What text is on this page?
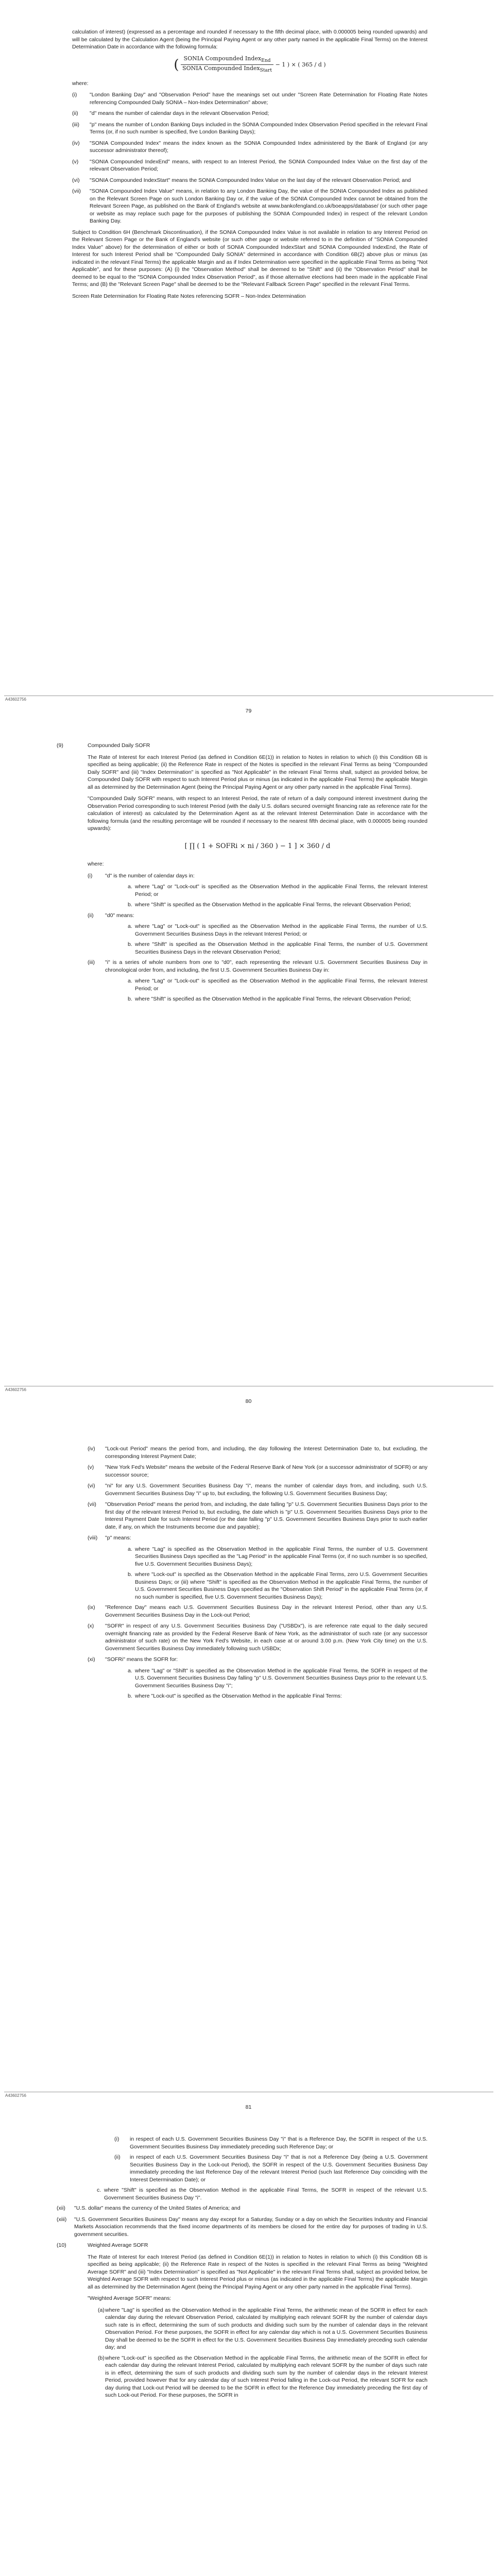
calculation of interest) (expressed as a percentage and rounded if necessary to the fifth decimal place, with 0.000005 being rounded upwards) and will be calculated by the Calculation Agent (being the Principal Paying Agent or any other party named in the applicable Final Terms) on the Interest Determination Date in accordance with the following formula:

( $\frac{SONIA Compounded Index_{End}}{SONIA Compounded Index_{Start}} - 1$ ) × ( 365 / d )

where:

(i)	"London Banking Day" and "Observation Period" have the meanings set out under "Screen Rate Determination for Floating Rate Notes referencing Compounded Daily SONIA – Non-Index Determination" above;
(ii)	"d" means the number of calendar days in the relevant Observation Period;
(iii)	"p" means the number of London Banking Days included in the SONIA Compounded Index Observation Period specified in the relevant Final Terms (or, if no such number is specified, five London Banking Days);
(iv)	"SONIA Compounded Index" means the index known as the SONIA Compounded Index administered by the Bank of England (or any successor administrator thereof);
(v)	"SONIA Compounded IndexEnd" means, with respect to an Interest Period, the SONIA Compounded Index Value on the first day of the relevant Observation Period;
(vi)	"SONIA Compounded IndexStart" means the SONIA Compounded Index Value on the last day of the relevant Observation Period; and
(vii)	"SONIA Compounded Index Value" means, in relation to any London Banking Day, the value of the SONIA Compounded Index as published on the Relevant Screen Page on such London Banking Day or, if the value of the SONIA Compounded Index cannot be obtained from the Relevant Screen Page, as published on the Bank of England's website at www.bankofengland.co.uk/boeapps/database/ (or such other page or website as may replace such page for the purposes of publishing the SONIA Compounded Index) in respect of the relevant London Banking Day.

Subject to Condition 6H (Benchmark Discontinuation), if the SONIA Compounded Index Value is not available in relation to any Interest Period on the Relevant Screen Page or the Bank of England's website (or such other page or website referred to in the definition of "SONIA Compounded Index Value" above) for the determination of either or both of SONIA Compounded IndexStart and SONIA Compounded IndexEnd, the Rate of Interest for such Interest Period shall be "Compounded Daily SONIA" determined in accordance with Condition 6B(2) above plus or minus (as indicated in the relevant Final Terms) the applicable Margin and as if Index Determination were specified in the applicable Final Terms as being "Not Applicable", and for these purposes: (A) (i) the "Observation Method" shall be deemed to be "Shift" and (ii) the "Observation Period" shall be deemed to be equal to the "SONIA Compounded Index Observation Period", as if those alternative elections had been made in the applicable Final Terms; and (B) the "Relevant Screen Page" shall be deemed to be the "Relevant Fallback Screen Page" specified in the relevant Final Terms.

Screen Rate Determination for Floating Rate Notes referencing SOFR – Non-Index Determination

A43602756
79
(9)	Compounded Daily SOFR

The Rate of Interest for each Interest Period (as defined in Condition 6E(1)) in relation to Notes in relation to which (i) this Condition 6B is specified as being applicable; (ii) the Reference Rate in respect of the Notes is specified in the relevant Final Terms as being "Compounded Daily SOFR" and (iii) "Index Determination" is specified as "Not Applicable" in the relevant Final Terms shall, subject as provided below, be Compounded Daily SOFR with respect to such Interest Period plus or minus (as indicated in the applicable Final Terms) the applicable Margin all as determined by the Determination Agent (being the Principal Paying Agent or any other party named in the applicable Final Terms).

"Compounded Daily SOFR" means, with respect to an Interest Period, the rate of return of a daily compound interest investment during the Observation Period corresponding to such Interest Period (with the daily U.S. dollars secured overnight financing rate as reference rate for the calculation of interest) as calculated by the Determination Agent as at the relevant Interest Determination Date in accordance with the following formula (and the resulting percentage will be rounded if necessary to the nearest fifth decimal place, with 0.000005 being rounded upwards):

[ ∏ ( 1 + SOFRi × ni / 360 ) − 1 ] × 360 / d

where:

(i)	"d" is the number of calendar days in:
a. where "Lag" or "Lock-out" is specified as the Observation Method in the applicable Final Terms, the relevant Interest Period; or
b. where "Shift" is specified as the Observation Method in the applicable Final Terms, the relevant Observation Period;
(ii)	"d0" means:
a. where "Lag" or "Lock-out" is specified as the Observation Method in the applicable Final Terms, the number of U.S. Government Securities Business Days in the relevant Interest Period; or
b. where "Shift" is specified as the Observation Method in the applicable Final Terms, the number of U.S. Government Securities Business Days in the relevant Observation Period;
(iii)	"i" is a series of whole numbers from one to "d0", each representing the relevant U.S. Government Securities Business Day in chronological order from, and including, the first U.S. Government Securities Business Day in:
a. where "Lag" or "Lock-out" is specified as the Observation Method in the applicable Final Terms, the relevant Interest Period; or
b. where "Shift" is specified as the Observation Method in the applicable Final Terms, the relevant Observation Period;
A43602756
80
(iv)	"Lock-out Period" means the period from, and including, the day following the Interest Determination Date to, but excluding, the corresponding Interest Payment Date;
(v)	"New York Fed's Website" means the website of the Federal Reserve Bank of New York (or a successor administrator of SOFR) or any successor source;
(vi)	"ni" for any U.S. Government Securities Business Day "i", means the number of calendar days from, and including, such U.S. Government Securities Business Day "i" up to, but excluding, the following U.S. Government Securities Business Day;
(vii)	"Observation Period" means the period from, and including, the date falling "p" U.S. Government Securities Business Days prior to the first day of the relevant Interest Period to, but excluding, the date which is "p" U.S. Government Securities Business Days prior to the Interest Payment Date for such Interest Period (or the date falling "p" U.S. Government Securities Business Days prior to such earlier date, if any, on which the Instruments become due and payable);
(viii)	"p" means:
a. where "Lag" is specified as the Observation Method in the applicable Final Terms, the number of U.S. Government Securities Business Days specified as the "Lag Period" in the applicable Final Terms (or, if no such number is so specified, five U.S. Government Securities Business Days);
b. where "Lock-out" is specified as the Observation Method in the applicable Final Terms, zero U.S. Government Securities Business Days; or (iii) where "Shift" is specified as the Observation Method in the applicable Final Terms, the number of U.S. Government Securities Business Days specified as the "Observation Shift Period" in the applicable Final Terms (or, if no such number is specified, five U.S. Government Securities Business Days);
(ix)	"Reference Day" means each U.S. Government Securities Business Day in the relevant Interest Period, other than any U.S. Government Securities Business Day in the Lock-out Period;
(x)	"SOFR" in respect of any U.S. Government Securities Business Day ("USBDx"), is are reference rate equal to the daily secured overnight financing rate as provided by the Federal Reserve Bank of New York, as the administrator of such rate (or any successor administrator of such rate) on the New York Fed's Website, in each case at or around 3.00 p.m. (New York City time) on the U.S. Government Securities Business Day immediately following such USBDx;
(xi)	"SOFRi" means the SOFR for:
a. where "Lag" or "Shift" is specified as the Observation Method in the applicable Final Terms, the SOFR in respect of the U.S. Government Securities Business Day falling "p" U.S. Government Securities Business Days prior to the relevant U.S. Government Securities Business Day "i";
b. where "Lock-out" is specified as the Observation Method in the applicable Final Terms:
A43602756
81
(i)	in respect of each U.S. Government Securities Business Day "i" that is a Reference Day, the SOFR in respect of the U.S. Government Securities Business Day immediately preceding such Reference Day; or
(ii)	in respect of each U.S. Government Securities Business Day "i" that is not a Reference Day (being a U.S. Government Securities Business Day in the Lock-out Period), the SOFR in respect of the U.S. Government Securities Business Day immediately preceding the last Reference Day of the relevant Interest Period (such last Reference Day coinciding with the Interest Determination Date); or
c. where "Shift" is specified as the Observation Method in the applicable Final Terms, the SOFR in respect of the relevant U.S. Government Securities Business Day "i".
(xii)	"U.S. dollar" means the currency of the United States of America; and
(xiii)	"U.S. Government Securities Business Day" means any day except for a Saturday, Sunday or a day on which the Securities Industry and Financial Markets Association recommends that the fixed income departments of its members be closed for the entire day for purposes of trading in U.S. government securities.
(10)	Weighted Average SOFR

The Rate of Interest for each Interest Period (as defined in Condition 6E(1)) in relation to Notes in relation to which (i) this Condition 6B is specified as being applicable; (ii) the Reference Rate in respect of the Notes is specified in the relevant Final Terms as being "Weighted Average SOFR" and (iii) "Index Determination" is specified as "Not Applicable" in the relevant Final Terms shall, subject as provided below, be Weighted Average SOFR with respect to such Interest Period plus or minus (as indicated in the applicable Final Terms) the applicable Margin all as determined by the Determination Agent (being the Principal Paying Agent or any other party named in the applicable Final Terms).

"Weighted Average SOFR" means:

(a) where "Lag" is specified as the Observation Method in the applicable Final Terms, the arithmetic mean of the SOFR in effect for each calendar day during the relevant Observation Period, calculated by multiplying each relevant SOFR by the number of calendar days such rate is in effect, determining the sum of such products and dividing such sum by the number of calendar days in the relevant Observation Period. For these purposes, the SOFR in effect for any calendar day which is not a U.S. Government Securities Business Day shall be deemed to be the SOFR in effect for the U.S. Government Securities Business Day immediately preceding such calendar day; and
(b) where "Lock-out" is specified as the Observation Method in the applicable Final Terms, the arithmetic mean of the SOFR in effect for each calendar day during the relevant Interest Period, calculated by multiplying each relevant SOFR by the number of days such rate is in effect, determining the sum of such products and dividing such sum by the number of calendar days in the relevant Interest Period, provided however that for any calendar day of such Interest Period falling in the Lock-out Period, the relevant SOFR for each day during that Lock-out Period will be deemed to be the SOFR in effect for the Reference Day immediately preceding the first day of such Lock-out Period. For these purposes, the SOFR in
